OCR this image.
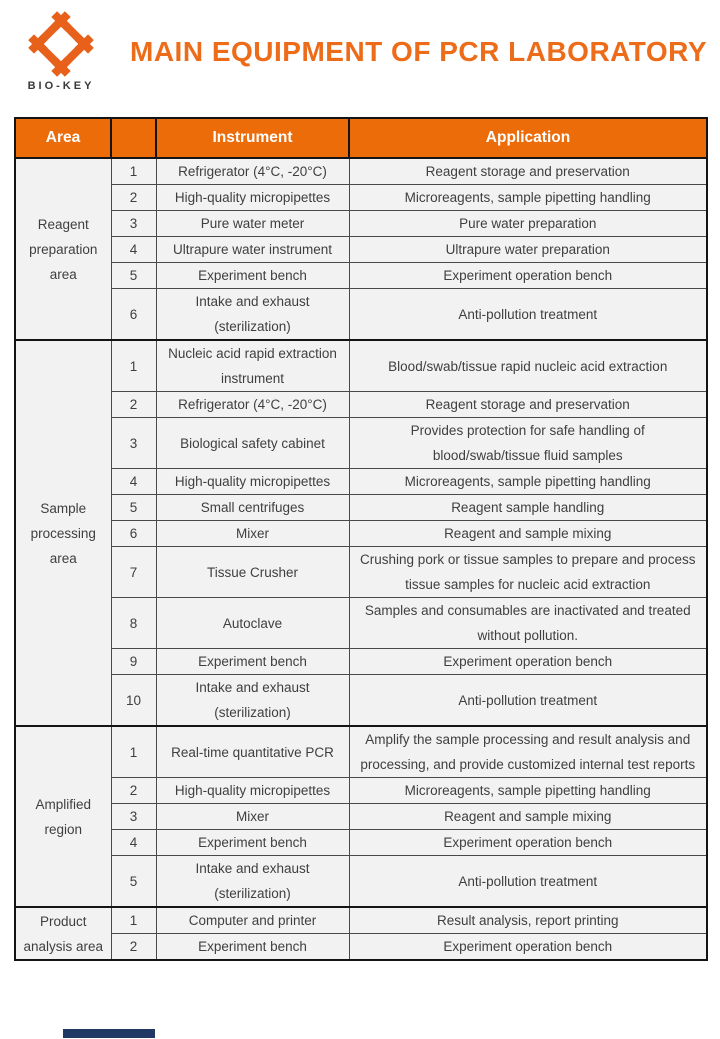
BIO-KEY
MAIN EQUIPMENT OF PCR LABORATORY
Area		Instrument	Application
Reagent preparation area	1	Refrigerator (4°C, -20°C)	Reagent storage and preservation
	2	High-quality micropipettes	Microreagents, sample pipetting handling
	3	Pure water meter	Pure water preparation
	4	Ultrapure water instrument	Ultrapure water preparation
	5	Experiment bench	Experiment operation bench
	6	Intake and exhaust (sterilization)	Anti-pollution treatment
Sample processing area	1	Nucleic acid rapid extraction instrument	Blood/swab/tissue rapid nucleic acid extraction
	2	Refrigerator (4°C, -20°C)	Reagent storage and preservation
	3	Biological safety cabinet	Provides protection for safe handling of blood/swab/tissue fluid samples
	4	High-quality micropipettes	Microreagents, sample pipetting handling
	5	Small centrifuges	Reagent sample handling
	6	Mixer	Reagent and sample mixing
	7	Tissue Crusher	Crushing pork or tissue samples to prepare and process tissue samples for nucleic acid extraction
	8	Autoclave	Samples and consumables are inactivated and treated without pollution.
	9	Experiment bench	Experiment operation bench
	10	Intake and exhaust (sterilization)	Anti-pollution treatment
Amplified region	1	Real-time quantitative PCR	Amplify the sample processing and result analysis and processing, and provide customized internal test reports
	2	High-quality micropipettes	Microreagents, sample pipetting handling
	3	Mixer	Reagent and sample mixing
	4	Experiment bench	Experiment operation bench
	5	Intake and exhaust (sterilization)	Anti-pollution treatment
Product analysis area	1	Computer and printer	Result analysis, report printing
	2	Experiment bench	Experiment operation bench
